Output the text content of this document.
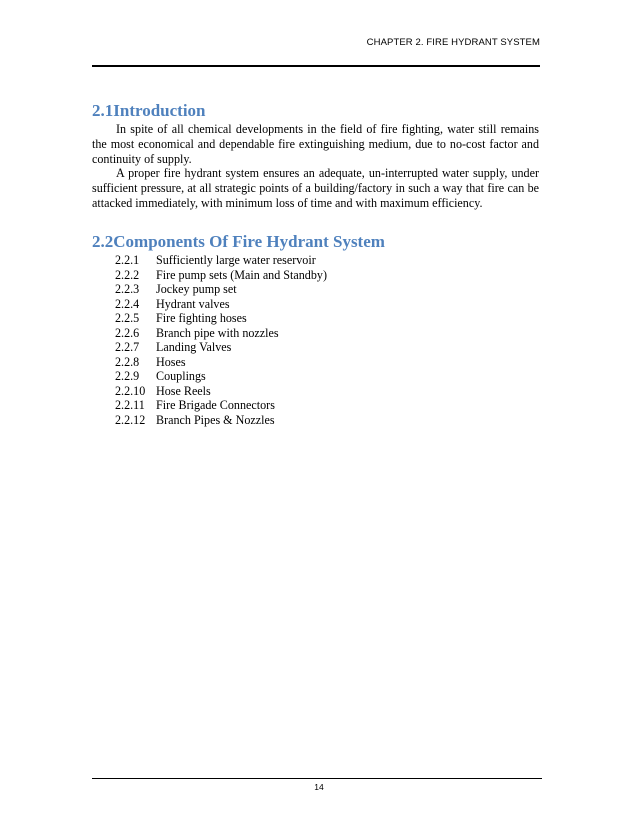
CHAPTER 2. FIRE HYDRANT SYSTEM
2.1Introduction

In spite of all chemical developments in the field of fire fighting, water still remains the most economical and dependable fire extinguishing medium, due to no-cost factor and continuity of supply.

A proper fire hydrant system ensures an adequate, un-interrupted water supply, under sufficient pressure, at all strategic points of a building/factory in such a way that fire can be attacked immediately, with minimum loss of time and with maximum efficiency.

2.2Components Of Fire Hydrant System
2.2.1	Sufficiently large water reservoir
2.2.2	Fire pump sets (Main and Standby)
2.2.3	Jockey pump set
2.2.4	Hydrant valves
2.2.5	Fire fighting hoses
2.2.6	Branch pipe with nozzles
2.2.7	Landing Valves
2.2.8	Hoses
2.2.9	Couplings
2.2.10 Hose Reels
2.2.11 Fire Brigade Connectors
2.2.12 Branch Pipes & Nozzles
14
